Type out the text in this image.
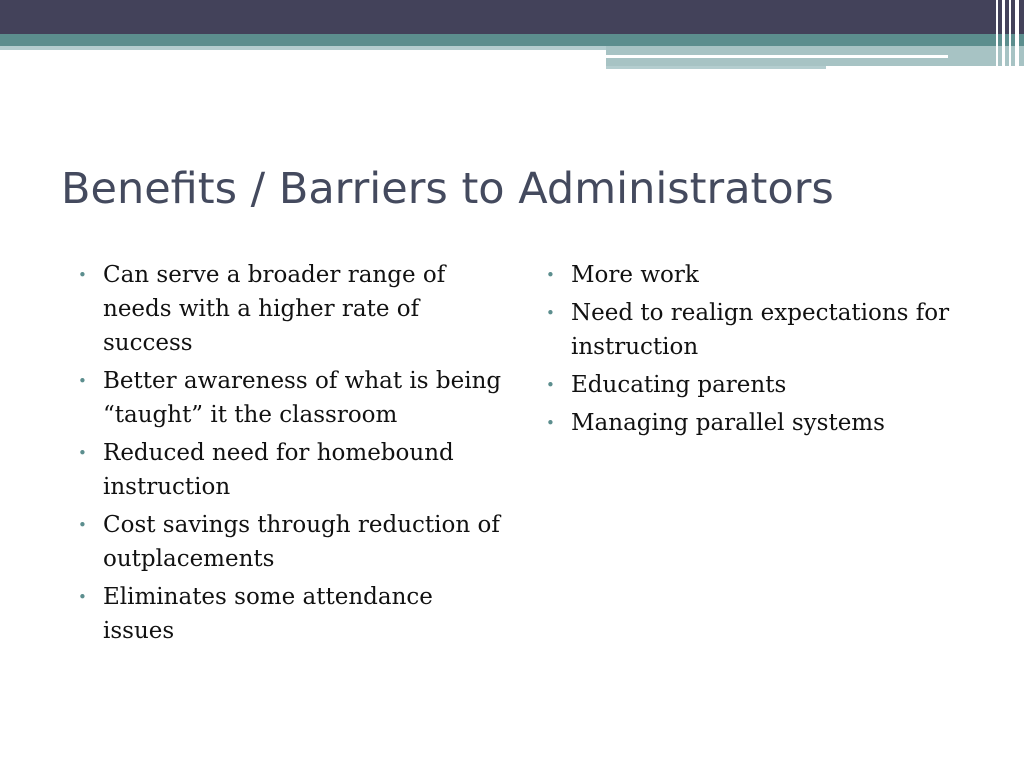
Benefits / Barriers to Administrators
• Can serve a broader range of needs with a higher rate of success
• Better awareness of what is being “taught” it the classroom
• Reduced need for homebound instruction
• Cost savings through reduction of outplacements
• Eliminates some attendance issues
• More work
• Need to realign expectations for instruction
• Educating parents
• Managing parallel systems
